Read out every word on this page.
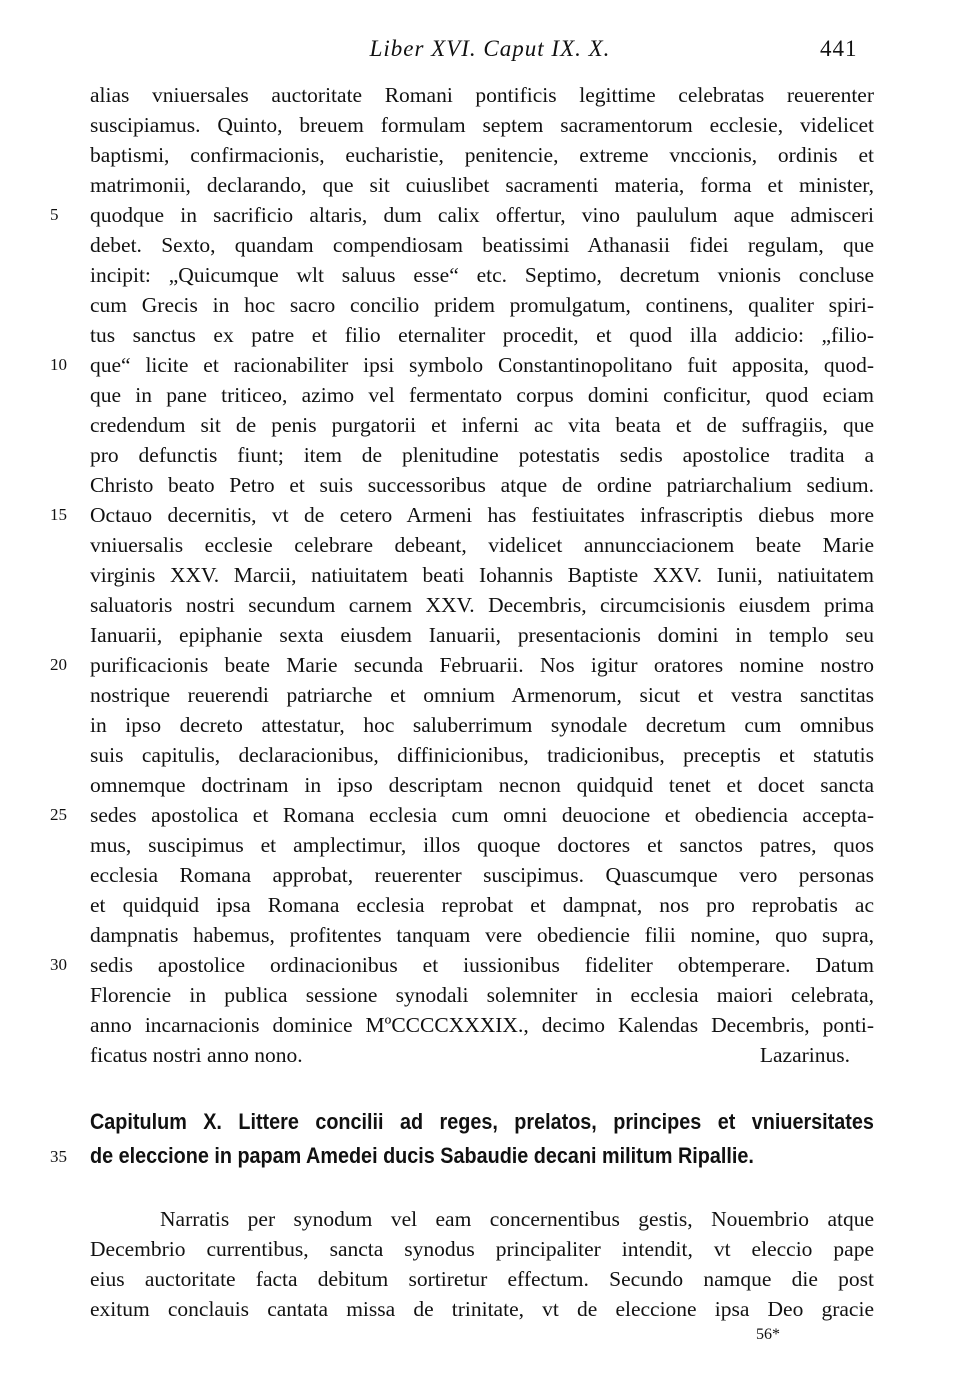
Liber XVI. Caput IX. X.	441
alias vniuersales auctoritate Romani pontificis legittime celebratas reuerenter
suscipiamus. Quinto, breuem formulam septem sacramentorum ecclesie, videlicet
baptismi, confirmacionis, eucharistie, penitencie, extreme vnccionis, ordinis et
matrimonii, declarando, que sit cuiuslibet sacramenti materia, forma et minister,
quodque in sacrificio altaris, dum calix offertur, vino paululum aque admisceri
debet. Sexto, quandam compendiosam beatissimi Athanasii fidei regulam, que
incipit: „Quicumque wlt saluus esse“ etc. Septimo, decretum vnionis concluse
cum Grecis in hoc sacro concilio pridem promulgatum, continens, qualiter spiri-
tus sanctus ex patre et filio eternaliter procedit, et quod illa addicio: „filio-
que“ licite et racionabiliter ipsi symbolo Constantinopolitano fuit apposita, quod-
que in pane triticeo, azimo vel fermentato corpus domini conficitur, quod eciam
credendum sit de penis purgatorii et inferni ac vita beata et de suffragiis, que
pro defunctis fiunt; item de plenitudine potestatis sedis apostolice tradita a
Christo beato Petro et suis successoribus atque de ordine patriarchalium sedium.
Octauo decernitis, vt de cetero Armeni has festiuitates infrascriptis diebus more
vniuersalis ecclesie celebrare debeant, videlicet annuncciacionem beate Marie
virginis XXV. Marcii, natiuitatem beati Iohannis Baptiste XXV. Iunii, natiuitatem
saluatoris nostri secundum carnem XXV. Decembris, circumcisionis eiusdem prima
Ianuarii, epiphanie sexta eiusdem Ianuarii, presentacionis domini in templo seu
purificacionis beate Marie secunda Februarii. Nos igitur oratores nomine nostro
nostrique reuerendi patriarche et omnium Armenorum, sicut et vestra sanctitas
in ipso decreto attestatur, hoc saluberrimum synodale decretum cum omnibus
suis capitulis, declaracionibus, diffinicionibus, tradicionibus, preceptis et statutis
omnemque doctrinam in ipso descriptam necnon quidquid tenet et docet sancta
sedes apostolica et Romana ecclesia cum omni deuocione et obediencia accepta-
mus, suscipimus et amplectimur, illos quoque doctores et sanctos patres, quos
ecclesia Romana approbat, reuerenter suscipimus. Quascumque vero personas
et quidquid ipsa Romana ecclesia reprobat et dampnat, nos pro reprobatis ac
dampnatis habemus, profitentes tanquam vere obediencie filii nomine, quo supra,
sedis apostolice ordinacionibus et iussionibus fideliter obtemperare. Datum
Florencie in publica sessione synodali solemniter in ecclesia maiori celebrata,
anno incarnacionis dominice MºCCCCXXXIX., decimo Kalendas Decembris, ponti-
ficatus nostri anno nono.	Lazarinus.
5
10
15
20
25
30
35
Capitulum X. Littere concilii ad reges, prelatos, principes et vniuersitates
de eleccione in papam Amedei ducis Sabaudie decani militum Ripallie.
Narratis per synodum vel eam concernentibus gestis, Nouembrio atque
Decembrio currentibus, sancta synodus principaliter intendit, vt eleccio pape
eius auctoritate facta debitum sortiretur effectum. Secundo namque die post
exitum conclauis cantata missa de trinitate, vt de eleccione ipsa Deo gracie
56*
